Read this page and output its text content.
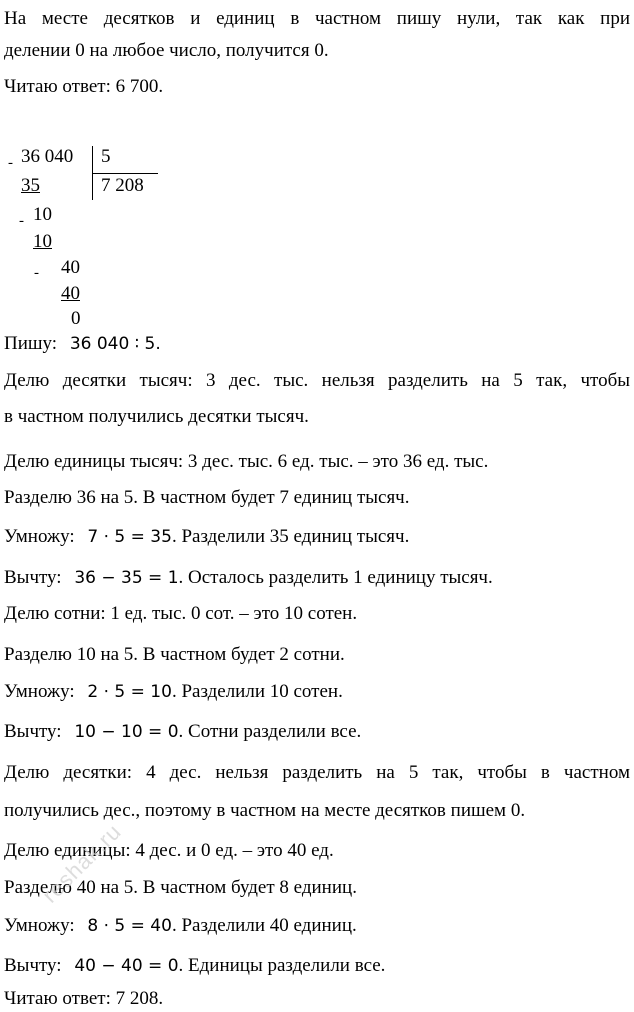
На месте десятков и единиц в частном пишу нули, так как при
делении 0 на любое число, получится 0.
Читаю ответ: 6 700.
- 36 040 5
35	7 208
- 10
10
- 40
40
0
Пишу: 36 040 ∶ 5.
Делю десятки тысяч: 3 дес. тыс. нельзя разделить на 5 так, чтобы
в частном получились десятки тысяч.
Делю единицы тысяч: 3 дес. тыс. 6 ед. тыс. – это 36 ед. тыс.
Разделю 36 на 5. В частном будет 7 единиц тысяч.
Умножу: 7 ⋅ 5 = 35. Разделили 35 единиц тысяч.
Вычту: 36 − 35 = 1. Осталось разделить 1 единицу тысяч.
Делю сотни: 1 ед. тыс. 0 сот. – это 10 сотен.
Разделю 10 на 5. В частном будет 2 сотни.
Умножу: 2 ⋅ 5 = 10. Разделили 10 сотен.
Вычту: 10 − 10 = 0. Сотни разделили все.
Делю десятки: 4 дес. нельзя разделить на 5 так, чтобы в частном
получились дес., поэтому в частном на месте десятков пишем 0.
Делю единицы: 4 дес. и 0 ед. – это 40 ед.
Разделю 40 на 5. В частном будет 8 единиц.
Умножу: 8 ⋅ 5 = 40. Разделили 40 единиц.
Вычту: 40 − 40 = 0. Единицы разделили все.
Читаю ответ: 7 208.
reshak.ru
